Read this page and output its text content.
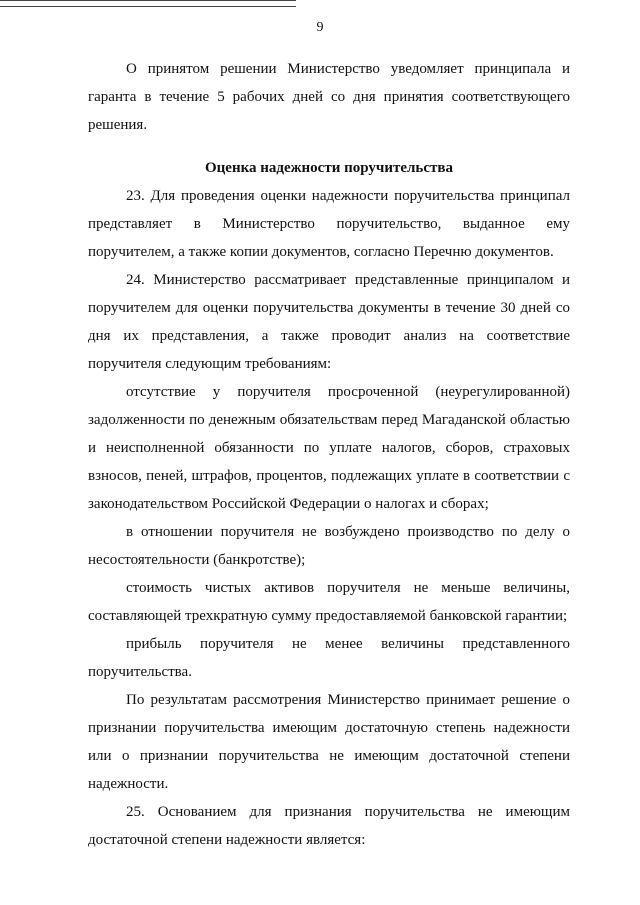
9

О принятом решении Министерство уведомляет принципала и гаранта в течение 5 рабочих дней со дня принятия соответствующего решения.

Оценка надежности поручительства

23. Для проведения оценки надежности поручительства принципал представляет в Министерство поручительство, выданное ему поручителем, а также копии документов, согласно Перечню документов.

24. Министерство рассматривает представленные принципалом и поручителем для оценки поручительства документы в течение 30 дней со дня их представления, а также проводит анализ на соответствие поручителя следующим требованиям:

отсутствие у поручителя просроченной (неурегулированной) задолженности по денежным обязательствам перед Магаданской областью и неисполненной обязанности по уплате налогов, сборов, страховых взносов, пеней, штрафов, процентов, подлежащих уплате в соответствии с законодательством Российской Федерации о налогах и сборах;

в отношении поручителя не возбуждено производство по делу о несостоятельности (банкротстве);

стоимость чистых активов поручителя не меньше величины, составляющей трехкратную сумму предоставляемой банковской гарантии;

прибыль поручителя не менее величины представленного поручительства.

По результатам рассмотрения Министерство принимает решение о признании поручительства имеющим достаточную степень надежности или о признании поручительства не имеющим достаточной степени надежности.

25. Основанием для признания поручительства не имеющим достаточной степени надежности является:
